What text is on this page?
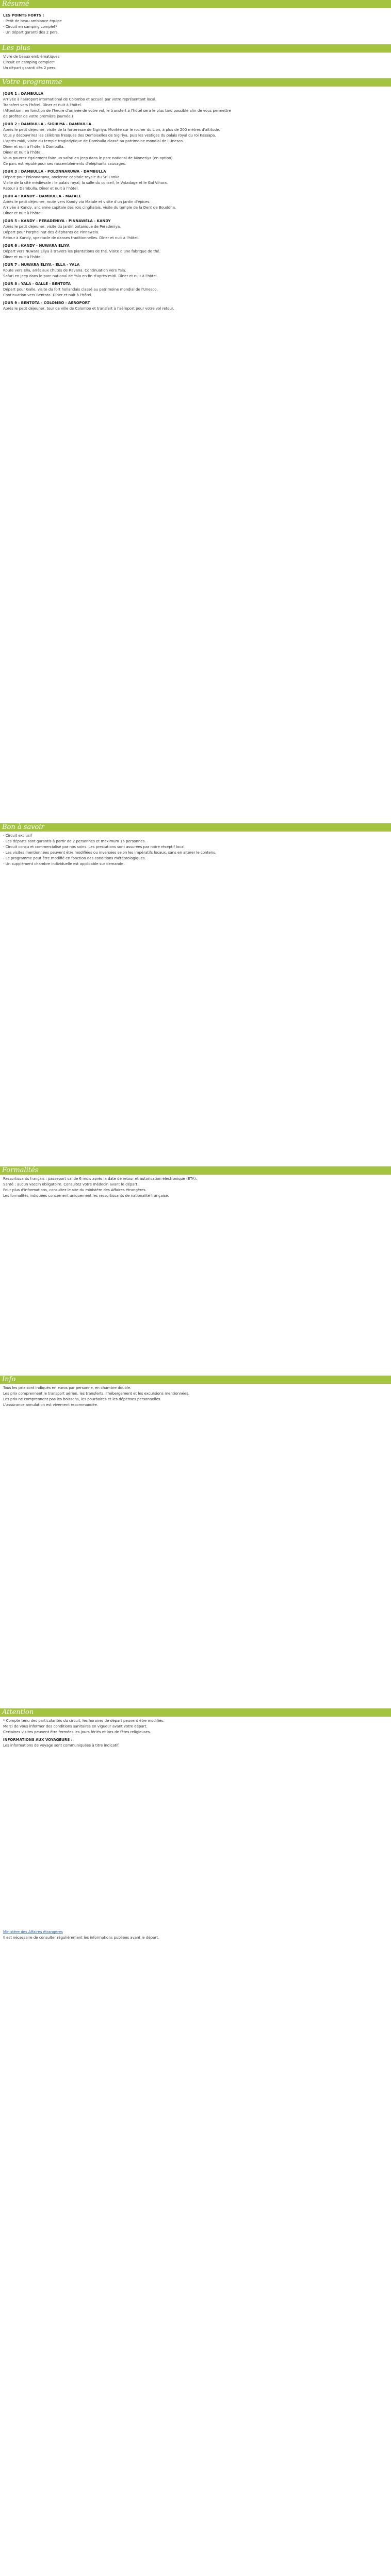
Résumé
LES POINTS FORTS :
- Petit de beau ambiance équipe
- Circuit en camping complet*
- Un départ garanti dès 2 pers.
Les plus
Vivre de beaux emblématiques
Circuit en camping complet*
Un départ garanti dès 2 pers.
Votre programme
JOUR 1 : DAMBULLA
Arrivée à l'aéroport international de Colombo et accueil par votre représentant local.
Transfert vers l'hôtel. Dîner et nuit à l'hôtel.
(Attention : en fonction de l'heure d'arrivée de votre vol, le transfert à l'hôtel sera le plus tard possible afin de vous permettre
de profiter de votre première journée.)
JOUR 2 : DAMBULLA - SIGIRIYA - DAMBULLA
Après le petit déjeuner, visite de la forteresse de Sigiriya. Montée sur le rocher du Lion, à plus de 200 mètres d'altitude.
Vous y découvrirez les célèbres fresques des Demoiselles de Sigiriya, puis les vestiges du palais royal du roi Kassapa.
L'après-midi, visite du temple troglodytique de Dambulla classé au patrimoine mondial de l'Unesco.
Dîner et nuit à l'hôtel à Dambulla.
Dîner et nuit à l'hôtel.
Vous pourrez également faire un safari en jeep dans le parc national de Minneriya (en option).
Ce parc est réputé pour ses rassemblements d'éléphants sauvages.
JOUR 3 : DAMBULLA - POLONNARUWA - DAMBULLA
Départ pour Polonnaruwa, ancienne capitale royale du Sri Lanka.
Visite de la cité médiévale : le palais royal, la salle du conseil, le Vatadage et le Gal Vihara.
Retour à Dambulla. Dîner et nuit à l'hôtel.
JOUR 4 : KANDY - DAMBULLA - MATALE
Après le petit déjeuner, route vers Kandy via Matale et visite d'un jardin d'épices.
Arrivée à Kandy, ancienne capitale des rois cinghalais, visite du temple de la Dent de Bouddha.
Dîner et nuit à l'hôtel.
JOUR 5 : KANDY - PERADENIYA - PINNAWELA - KANDY
Après le petit déjeuner, visite du jardin botanique de Peradeniya.
Départ pour l'orphelinat des éléphants de Pinnawela.
Retour à Kandy, spectacle de danses traditionnelles. Dîner et nuit à l'hôtel.
JOUR 6 : KANDY - NUWARA ELIYA
Départ vers Nuwara Eliya à travers les plantations de thé. Visite d'une fabrique de thé.
Dîner et nuit à l'hôtel.
JOUR 7 : NUWARA ELIYA - ELLA - YALA
Route vers Ella, arrêt aux chutes de Ravana. Continuation vers Yala.
Safari en jeep dans le parc national de Yala en fin d'après-midi. Dîner et nuit à l'hôtel.
JOUR 8 : YALA - GALLE - BENTOTA
Départ pour Galle, visite du fort hollandais classé au patrimoine mondial de l'Unesco.
Continuation vers Bentota. Dîner et nuit à l'hôtel.
JOUR 9 : BENTOTA - COLOMBO - AÉROPORT
Après le petit déjeuner, tour de ville de Colombo et transfert à l'aéroport pour votre vol retour.
Bon à savoir
- Circuit exclusif
- Les départs sont garantis à partir de 2 personnes et maximum 16 personnes.
- Circuit conçu et commercialisé par nos soins. Les prestations sont assurées par notre réceptif local.
- Les visites mentionnées peuvent être modifiées ou inversées selon les impératifs locaux, sans en altérer le contenu.
- Le programme peut être modifié en fonction des conditions météorologiques.
- Un supplément chambre individuelle est applicable sur demande.
Formalités
Ressortissants français : passeport valide 6 mois après la date de retour et autorisation électronique (ETA).
Santé : aucun vaccin obligatoire. Consultez votre médecin avant le départ.
Pour plus d'informations, consultez le site du ministère des Affaires étrangères.
Les formalités indiquées concernent uniquement les ressortissants de nationalité française.
Info
Tous les prix sont indiqués en euros par personne, en chambre double.
Les prix comprennent le transport aérien, les transferts, l'hébergement et les excursions mentionnées.
Les prix ne comprennent pas les boissons, les pourboires et les dépenses personnelles.
L'assurance annulation est vivement recommandée.
Attention
* Compte tenu des particularités du circuit, les horaires de départ peuvent être modifiés.
Merci de vous informer des conditions sanitaires en vigueur avant votre départ.
Certaines visites peuvent être fermées les jours fériés et lors de fêtes religieuses.
INFORMATIONS AUX VOYAGEURS :
Les informations de voyage sont communiquées à titre indicatif.
Ministère des Affaires étrangères
Il est nécessaire de consulter régulièrement les informations publiées avant le départ.
